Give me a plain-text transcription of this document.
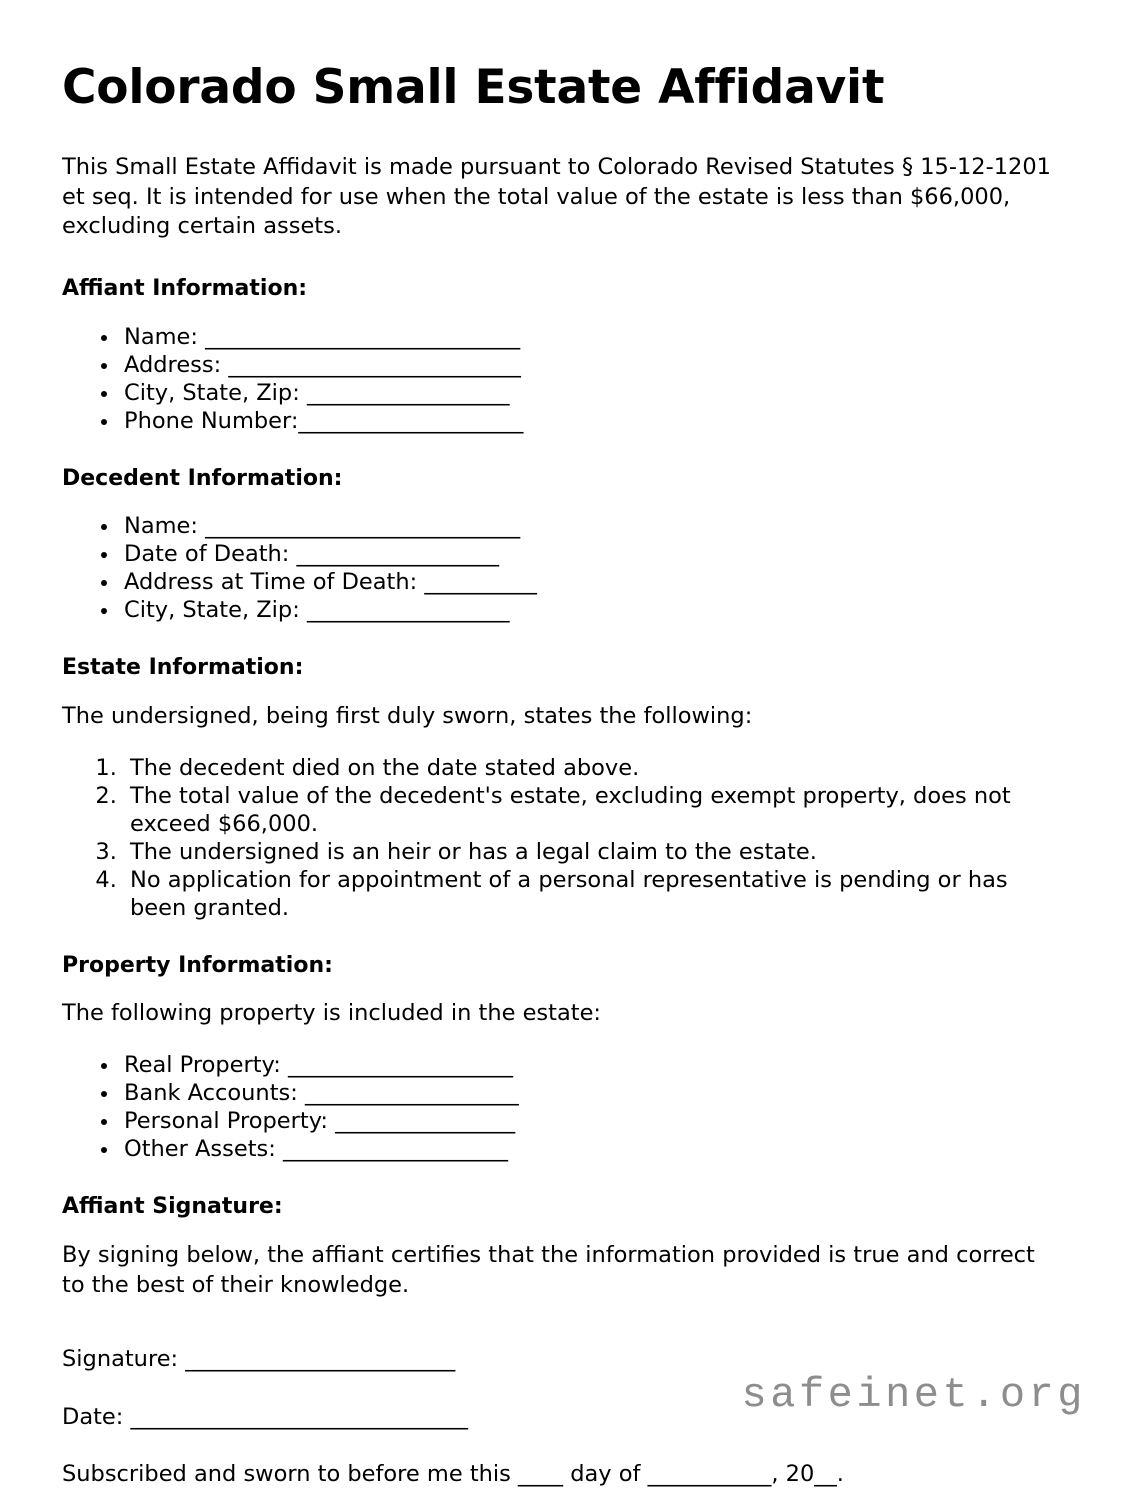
Colorado Small Estate Affidavit

This Small Estate Affidavit is made pursuant to Colorado Revised Statutes § 15-12-1201 et seq. It is intended for use when the total value of the estate is less than $66,000, excluding certain assets.

Affiant Information:
• Name: ____________________________
• Address: __________________________
• City, State, Zip: __________________
• Phone Number:____________________
Decedent Information:
• Name: ____________________________
• Date of Death: __________________
• Address at Time of Death: __________
• City, State, Zip: __________________
Estate Information:

The undersigned, being first duly sworn, states the following:

1. The decedent died on the date stated above.
2. The total value of the decedent's estate, excluding exempt property, does not exceed $66,000.
3. The undersigned is an heir or has a legal claim to the estate.
4. No application for appointment of a personal representative is pending or has been granted.
Property Information:

The following property is included in the estate:

• Real Property: ____________________
• Bank Accounts: ___________________
• Personal Property: ________________
• Other Assets: ____________________
Affiant Signature:

By signing below, the affiant certifies that the information provided is true and correct to the best of their knowledge.

Signature: ________________________
Date: ______________________________
Subscribed and sworn to before me this ____ day of ___________, 20__.
safeinet.org
